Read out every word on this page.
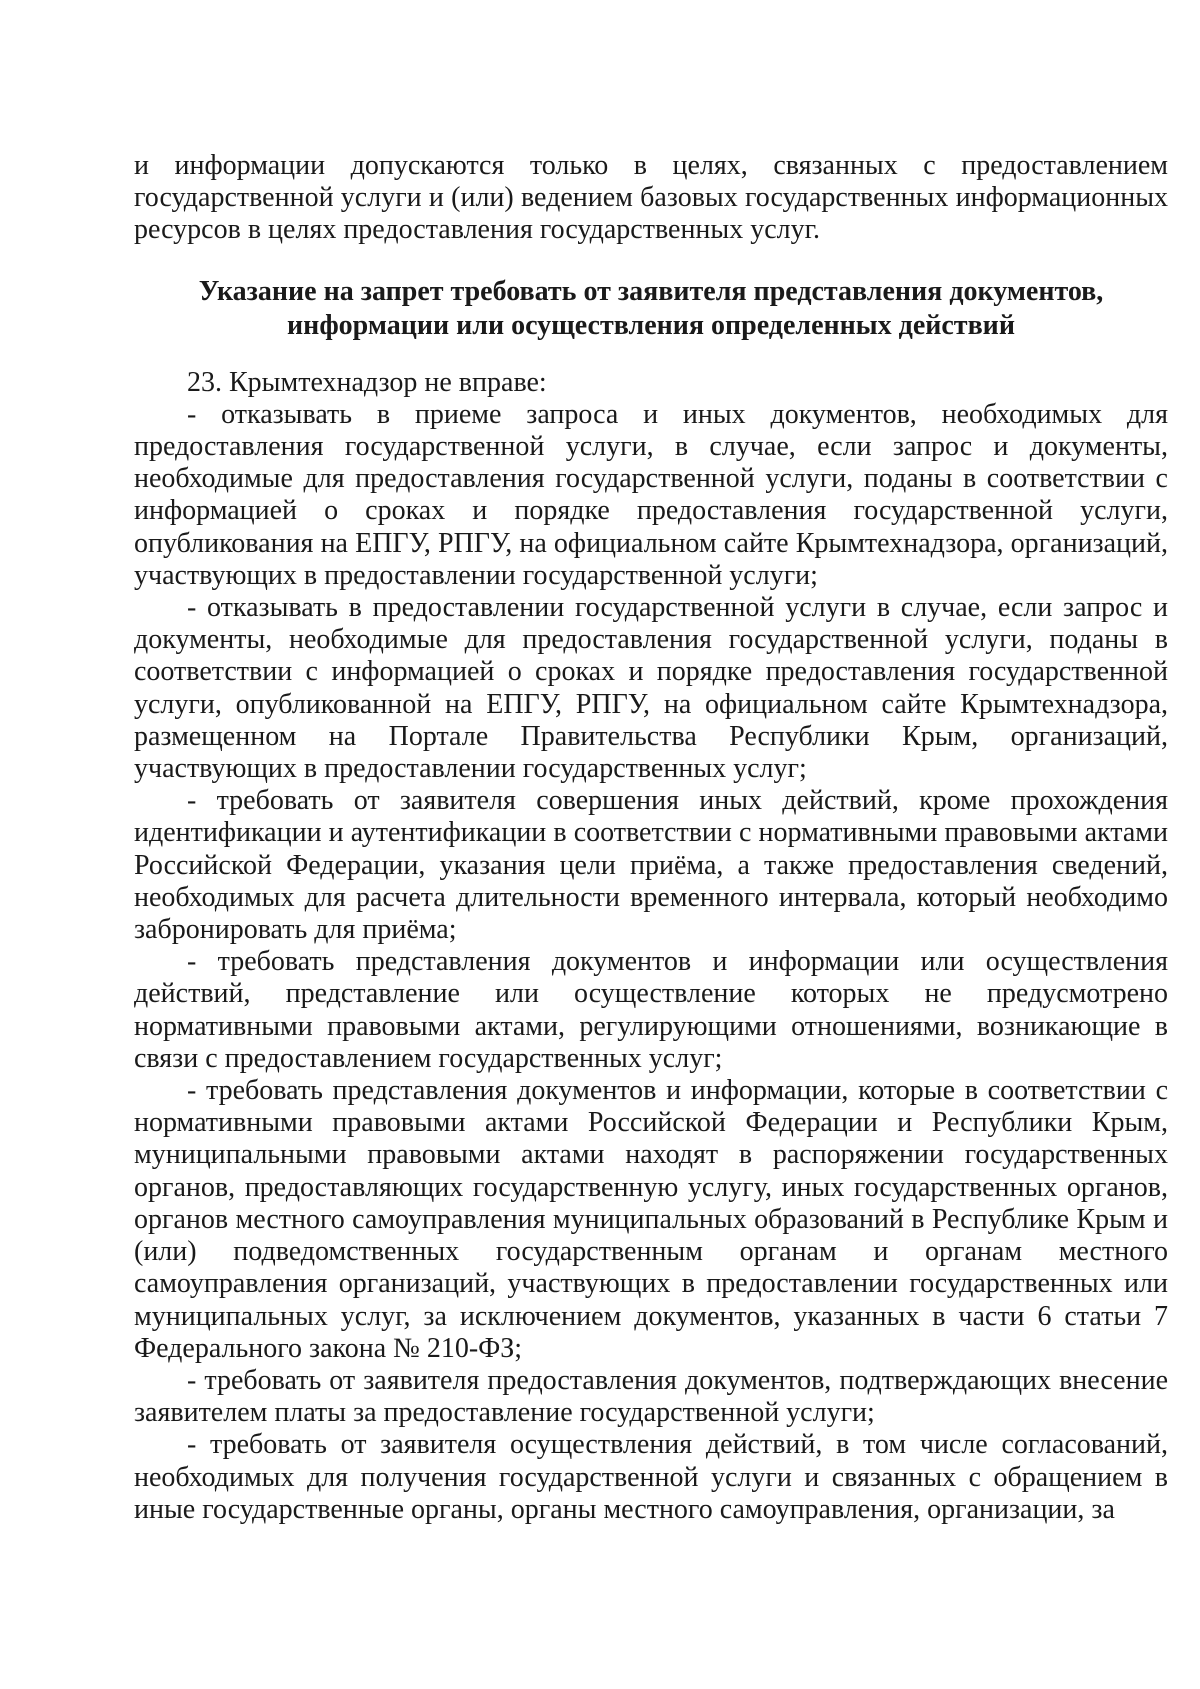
и информации допускаются только в целях, связанных с предоставлением государственной услуги и (или) ведением базовых государственных информационных ресурсов в целях предоставления государственных услуг.

Указание на запрет требовать от заявителя представления документов,
информации или осуществления определенных действий

23. Крымтехнадзор не вправе:

- отказывать в приеме запроса и иных документов, необходимых для предоставления государственной услуги, в случае, если запрос и документы, необходимые для предоставления государственной услуги, поданы в соответствии с информацией о сроках и порядке предоставления государственной услуги, опубликования на ЕПГУ, РПГУ, на официальном сайте Крымтехнадзора, организаций, участвующих в предоставлении государственной услуги;

- отказывать в предоставлении государственной услуги в случае, если запрос и документы, необходимые для предоставления государственной услуги, поданы в соответствии с информацией о сроках и порядке предоставления государственной услуги, опубликованной на ЕПГУ, РПГУ, на официальном сайте Крымтехнадзора, размещенном на Портале Правительства Республики Крым, организаций, участвующих в предоставлении государственных услуг;

- требовать от заявителя совершения иных действий, кроме прохождения идентификации и аутентификации в соответствии с нормативными правовыми актами Российской Федерации, указания цели приёма, а также предоставления сведений, необходимых для расчета длительности временного интервала, который необходимо забронировать для приёма;

- требовать представления документов и информации или осуществления действий, представление или осуществление которых не предусмотрено нормативными правовыми актами, регулирующими отношениями, возникающие в связи с предоставлением государственных услуг;

- требовать представления документов и информации, которые в соответствии с нормативными правовыми актами Российской Федерации и Республики Крым, муниципальными правовыми актами находят в распоряжении государственных органов, предоставляющих государственную услугу, иных государственных органов, органов местного самоуправления муниципальных образований в Республике Крым и (или) подведомственных государственным органам и органам местного самоуправления организаций, участвующих в предоставлении государственных или муниципальных услуг, за исключением документов, указанных в части 6 статьи 7 Федерального закона № 210-ФЗ;

- требовать от заявителя предоставления документов, подтверждающих внесение заявителем платы за предоставление государственной услуги;

- требовать от заявителя осуществления действий, в том числе согласований, необходимых для получения государственной услуги и связанных с обращением в иные государственные органы, органы местного самоуправления, организации, за
